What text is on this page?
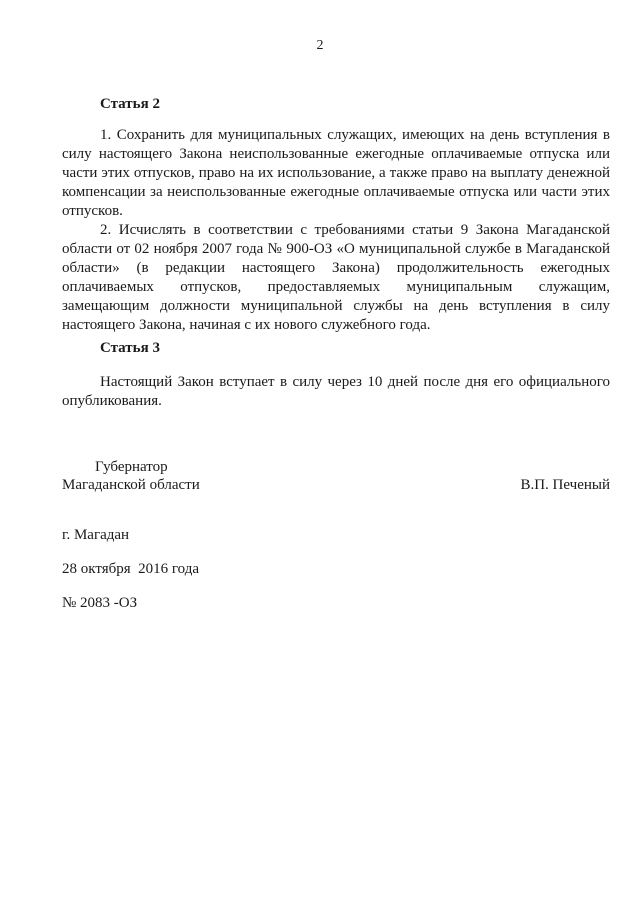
2
Статья 2
1. Сохранить для муниципальных служащих, имеющих на день вступления в силу настоящего Закона неиспользованные ежегодные оплачиваемые отпуска или части этих отпусков, право на их использование, а также право на выплату денежной компенсации за неиспользованные ежегодные оплачиваемые отпуска или части этих отпусков.
2. Исчислять в соответствии с требованиями статьи 9 Закона Магаданской области от 02 ноября 2007 года № 900-ОЗ «О муниципальной службе в Магаданской области» (в редакции настоящего Закона) продолжительность ежегодных оплачиваемых отпусков, предоставляемых муниципальным служащим, замещающим должности муниципальной службы на день вступления в силу настоящего Закона, начиная с их нового служебного года.
Статья 3
Настоящий Закон вступает в силу через 10 дней после дня его официального опубликования.
Губернатор
Магаданской области	В.П. Печеный
г. Магадан
28 октября  2016 года
№ 2083 -ОЗ
